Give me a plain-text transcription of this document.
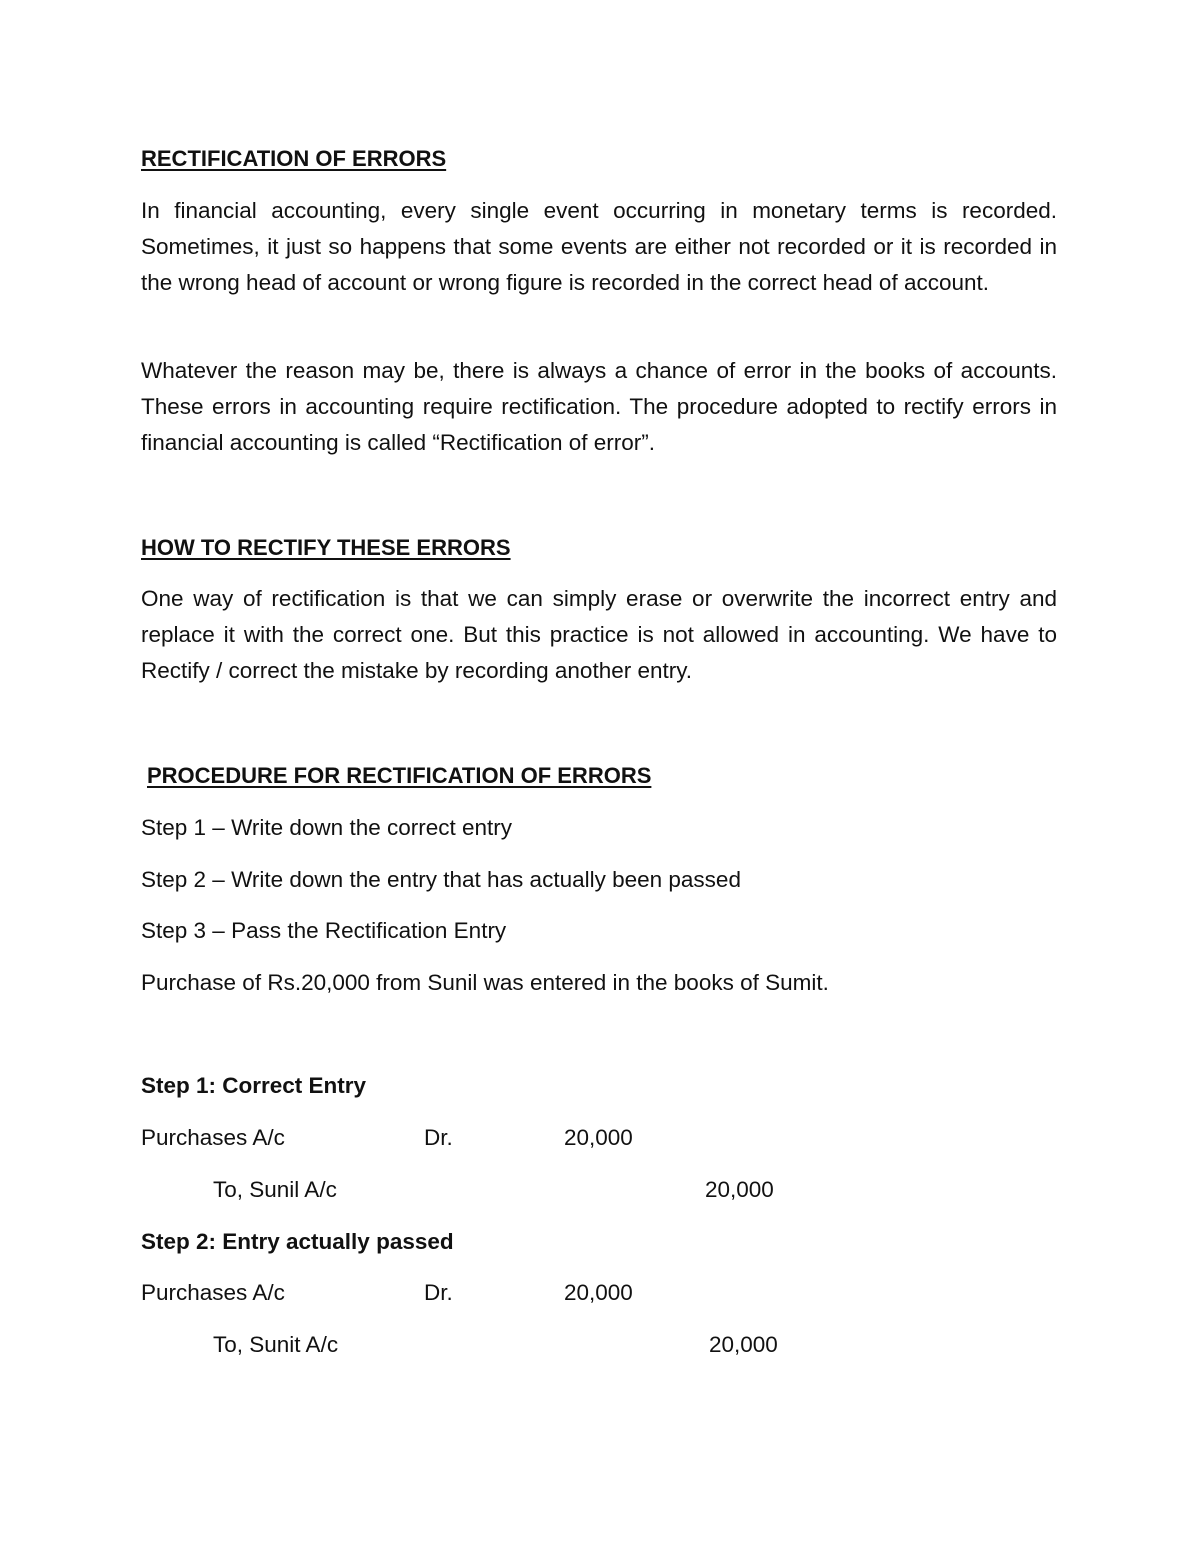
RECTIFICATION OF ERRORS

In financial accounting, every single event occurring in monetary terms is recorded. Sometimes, it just so happens that some events are either not recorded or it is recorded in the wrong head of account or wrong figure is recorded in the correct head of account.

Whatever the reason may be, there is always a chance of error in the books of accounts. These errors in accounting require rectification. The procedure adopted to rectify errors in financial accounting is called “Rectification of error”.

HOW TO RECTIFY THESE ERRORS

One way of rectification is that we can simply erase or overwrite the incorrect entry and replace it with the correct one. But this practice is not allowed in accounting. We have to Rectify / correct the mistake by recording another entry.

PROCEDURE FOR RECTIFICATION OF ERRORS

Step 1 – Write down the correct entry

Step 2 – Write down the entry that has actually been passed

Step 3 – Pass the Rectification Entry

Purchase of Rs.20,000 from Sunil was entered in the books of Sumit.

Step 1: Correct Entry

Purchases A/c	Dr.	20,000

To, Sunil A/c	20,000

Step 2: Entry actually passed

Purchases A/c	Dr.	20,000

To, Sunit A/c	20,000
